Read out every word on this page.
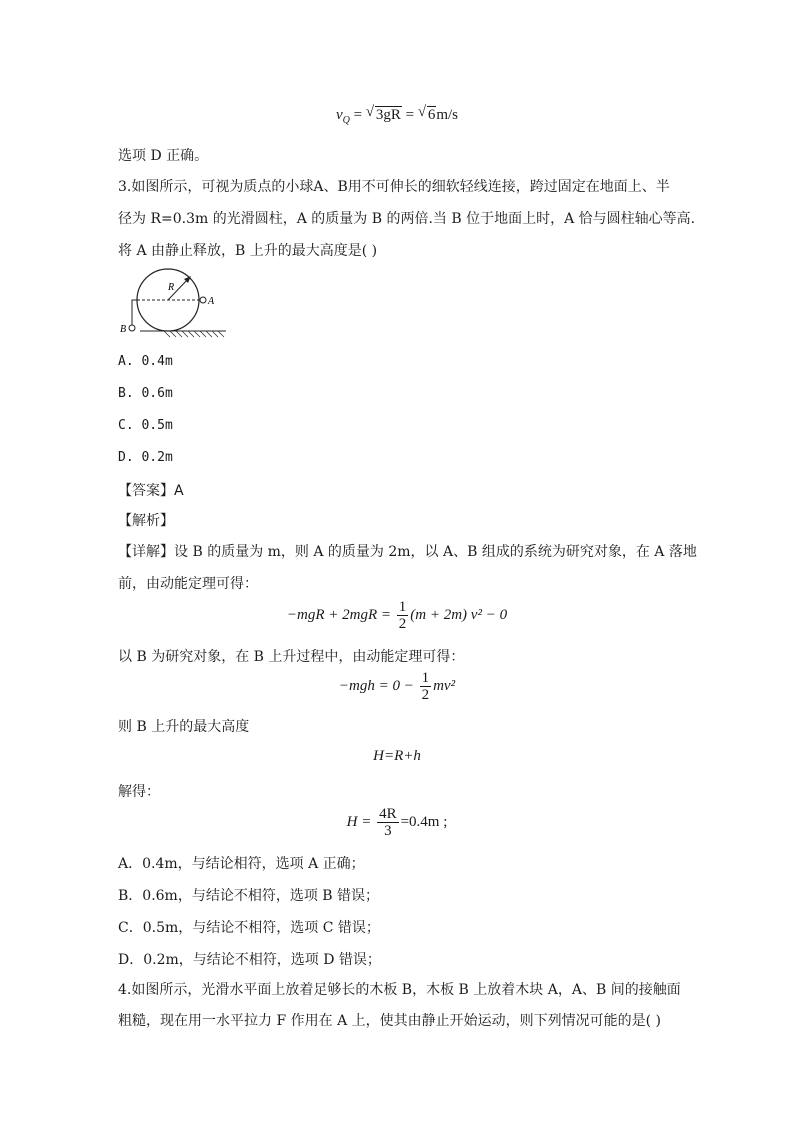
$v_Q$ = √ 3gR = √ 6m/s
选项 D 正确。
3.如图所示，可视为质点的小球A、B用不可伸长的细软轻线连接，跨过固定在地面上、半
径为 R=0.3m 的光滑圆柱，A 的质量为 B 的两倍.当 B 位于地面上时，A 恰与圆柱轴心等高.
将 A 由静止释放，B 上升的最大高度是( )
R
A
B
A. 0.4m
B. 0.6m
C. 0.5m
D. 0.2m
【答案】A
【解析】
【详解】设 B 的质量为 m，则 A 的质量为 2m，以 A、B 组成的系统为研究对象，在 A 落地
前，由动能定理可得：
$-mgR + 2mgR = \frac{1}{2} (m + 2m) v^2 - 0$
以 B 为研究对象，在 B 上升过程中，由动能定理可得：
$-mgh = 0 - \frac{1}{2} mv^2$
则 B 上升的最大高度
H=R+h
解得：
$H = \frac{4R}{3} =0.4m$ ;
A．0.4m，与结论相符，选项 A 正确；
B．0.6m，与结论不相符，选项 B 错误；
C．0.5m，与结论不相符，选项 C 错误；
D．0.2m，与结论不相符，选项 D 错误；
4.如图所示，光滑水平面上放着足够长的木板 B，木板 B 上放着木块 A，A、B 间的接触面
粗糙，现在用一水平拉力 F 作用在 A 上，使其由静止开始运动，则下列情况可能的是( )
